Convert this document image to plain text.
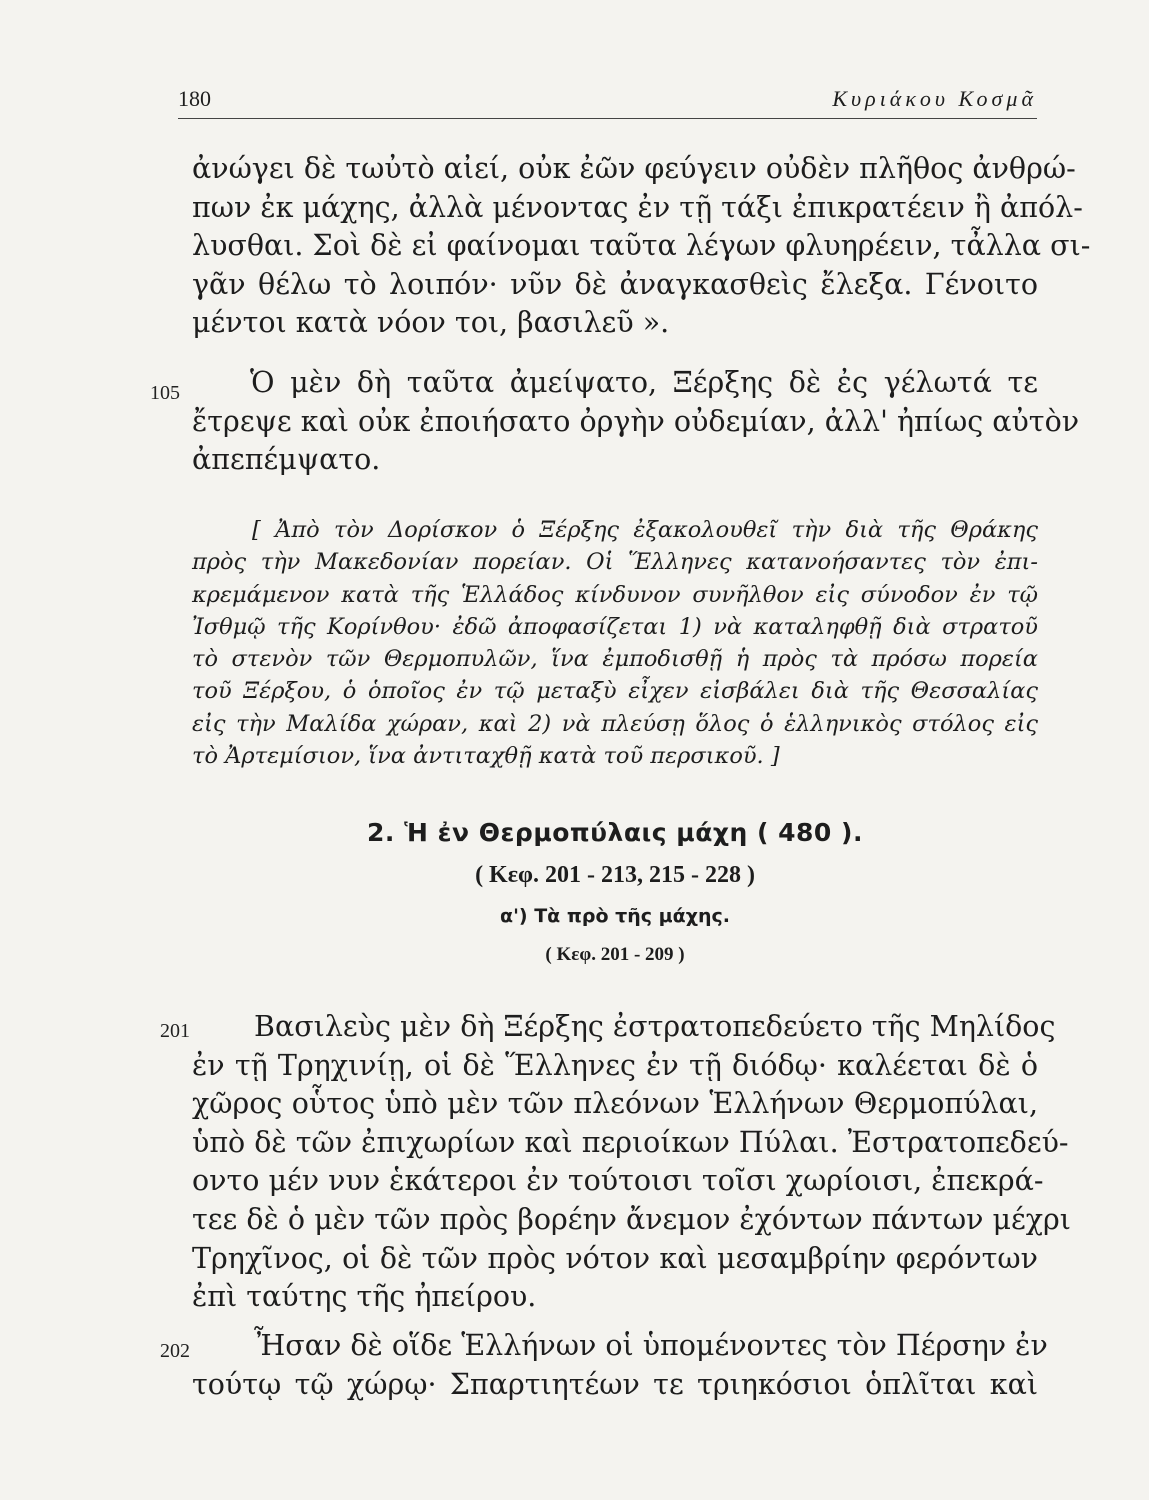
180	Κυριάκου Κοσμᾶ
ἀνώγει δὲ τωὐτὸ αἰεί, οὐκ ἐῶν φεύγειν οὐδὲν πλῆθος ἀνθρώ-
πων ἐκ μάχης, ἀλλὰ μένοντας ἐν τῇ τάξι ἐπικρατέειν ἢ ἀπόλ-
λυσθαι. Σοὶ δὲ εἰ φαίνομαι ταῦτα λέγων φλυηρέειν, τἆλλα σι-
γᾶν θέλω τὸ λοιπόν· νῦν δὲ ἀναγκασθεὶς ἔλεξα. Γένοιτο
μέντοι κατὰ νόον τοι, βασιλεῦ ».
105	Ὁ μὲν δὴ ταῦτα ἀμείψατο, Ξέρξης δὲ ἐς γέλωτά τε
ἔτρεψε καὶ οὐκ ἐποιήσατο ὀργὴν οὐδεμίαν, ἀλλ' ἠπίως αὐτὸν
ἀπεπέμψατο.
[ Ἀπὸ τὸν Δορίσκον ὁ Ξέρξης ἐξακολουθεῖ τὴν διὰ τῆς Θράκης
πρὸς τὴν Μακεδονίαν πορείαν. Οἱ Ἕλληνες κατανοήσαντες τὸν ἐπι-
κρεμάμενον κατὰ τῆς Ἑλλάδος κίνδυνον συνῆλθον εἰς σύνοδον ἐν τῷ
Ἰσθμῷ τῆς Κορίνθου· ἐδῶ ἀποφασίζεται 1) νὰ καταληφθῇ διὰ στρατοῦ
τὸ στενὸν τῶν Θερμοπυλῶν, ἵνα ἐμποδισθῇ ἡ πρὸς τὰ πρόσω πορεία
τοῦ Ξέρξου, ὁ ὁποῖος ἐν τῷ μεταξὺ εἶχεν εἰσβάλει διὰ τῆς Θεσσαλίας
εἰς τὴν Μαλίδα χώραν, καὶ 2) νὰ πλεύσῃ ὅλος ὁ ἑλληνικὸς στόλος εἰς
τὸ Ἀρτεμίσιον, ἵνα ἀντιταχθῇ κατὰ τοῦ περσικοῦ. ]
2. Ἡ ἐν Θερμοπύλαις μάχη ( 480 ).
( Κεφ. 201 - 213, 215 - 228 )
α') Τὰ πρὸ τῆς μάχης.
( Κεφ. 201 - 209 )
201	Βασιλεὺς μὲν δὴ Ξέρξης ἐστρατοπεδεύετο τῆς Μηλίδος
ἐν τῇ Τρηχινίῃ, οἱ δὲ Ἕλληνες ἐν τῇ διόδῳ· καλέεται δὲ ὁ
χῶρος οὗτος ὑπὸ μὲν τῶν πλεόνων Ἑλλήνων Θερμοπύλαι,
ὑπὸ δὲ τῶν ἐπιχωρίων καὶ περιοίκων Πύλαι. Ἐστρατοπεδεύ-
οντο μέν νυν ἑκάτεροι ἐν τούτοισι τοῖσι χωρίοισι, ἐπεκρά-
τεε δὲ ὁ μὲν τῶν πρὸς βορέην ἄνεμον ἐχόντων πάντων μέχρι
Τρηχῖνος, οἱ δὲ τῶν πρὸς νότον καὶ μεσαμβρίην φερόντων
ἐπὶ ταύτης τῆς ἠπείρου.
202	Ἦσαν δὲ οἵδε Ἑλλήνων οἱ ὑπομένοντες τὸν Πέρσην ἐν
τούτῳ τῷ χώρῳ· Σπαρτιητέων τε τριηκόσιοι ὁπλῖται καὶ
